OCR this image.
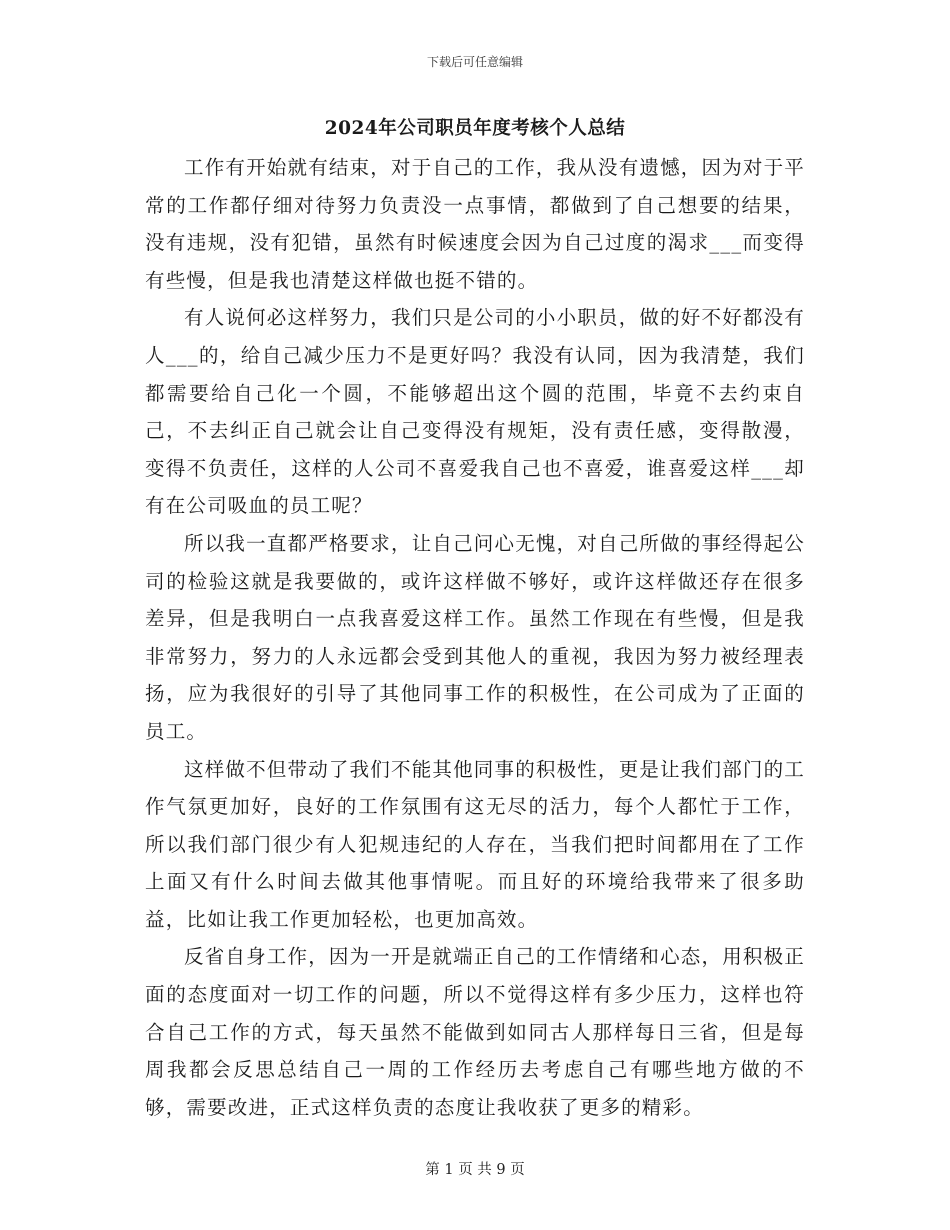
下载后可任意编辑
2024年公司职员年度考核个人总结

工作有开始就有结束，对于自己的工作，我从没有遗憾，因为对于平常的工作都仔细对待努力负责没一点事情，都做到了自己想要的结果，没有违规，没有犯错，虽然有时候速度会因为自己过度的渴求___而变得有些慢，但是我也清楚这样做也挺不错的。

有人说何必这样努力，我们只是公司的小小职员，做的好不好都没有人___的，给自己减少压力不是更好吗？我没有认同，因为我清楚，我们都需要给自己化一个圆，不能够超出这个圆的范围，毕竟不去约束自己，不去纠正自己就会让自己变得没有规矩，没有责任感，变得散漫，变得不负责任，这样的人公司不喜爱我自己也不喜爱，谁喜爱这样___却有在公司吸血的员工呢？

所以我一直都严格要求，让自己问心无愧，对自己所做的事经得起公司的检验这就是我要做的，或许这样做不够好，或许这样做还存在很多差异，但是我明白一点我喜爱这样工作。虽然工作现在有些慢，但是我非常努力，努力的人永远都会受到其他人的重视，我因为努力被经理表扬，应为我很好的引导了其他同事工作的积极性，在公司成为了正面的员工。

这样做不但带动了我们不能其他同事的积极性，更是让我们部门的工作气氛更加好，良好的工作氛围有这无尽的活力，每个人都忙于工作，所以我们部门很少有人犯规违纪的人存在，当我们把时间都用在了工作上面又有什么时间去做其他事情呢。而且好的环境给我带来了很多助益，比如让我工作更加轻松，也更加高效。

反省自身工作，因为一开是就端正自己的工作情绪和心态，用积极正面的态度面对一切工作的问题，所以不觉得这样有多少压力，这样也符合自己工作的方式，每天虽然不能做到如同古人那样每日三省，但是每周我都会反思总结自己一周的工作经历去考虑自己有哪些地方做的不够，需要改进，正式这样负责的态度让我收获了更多的精彩。

第 1 页 共 9 页
